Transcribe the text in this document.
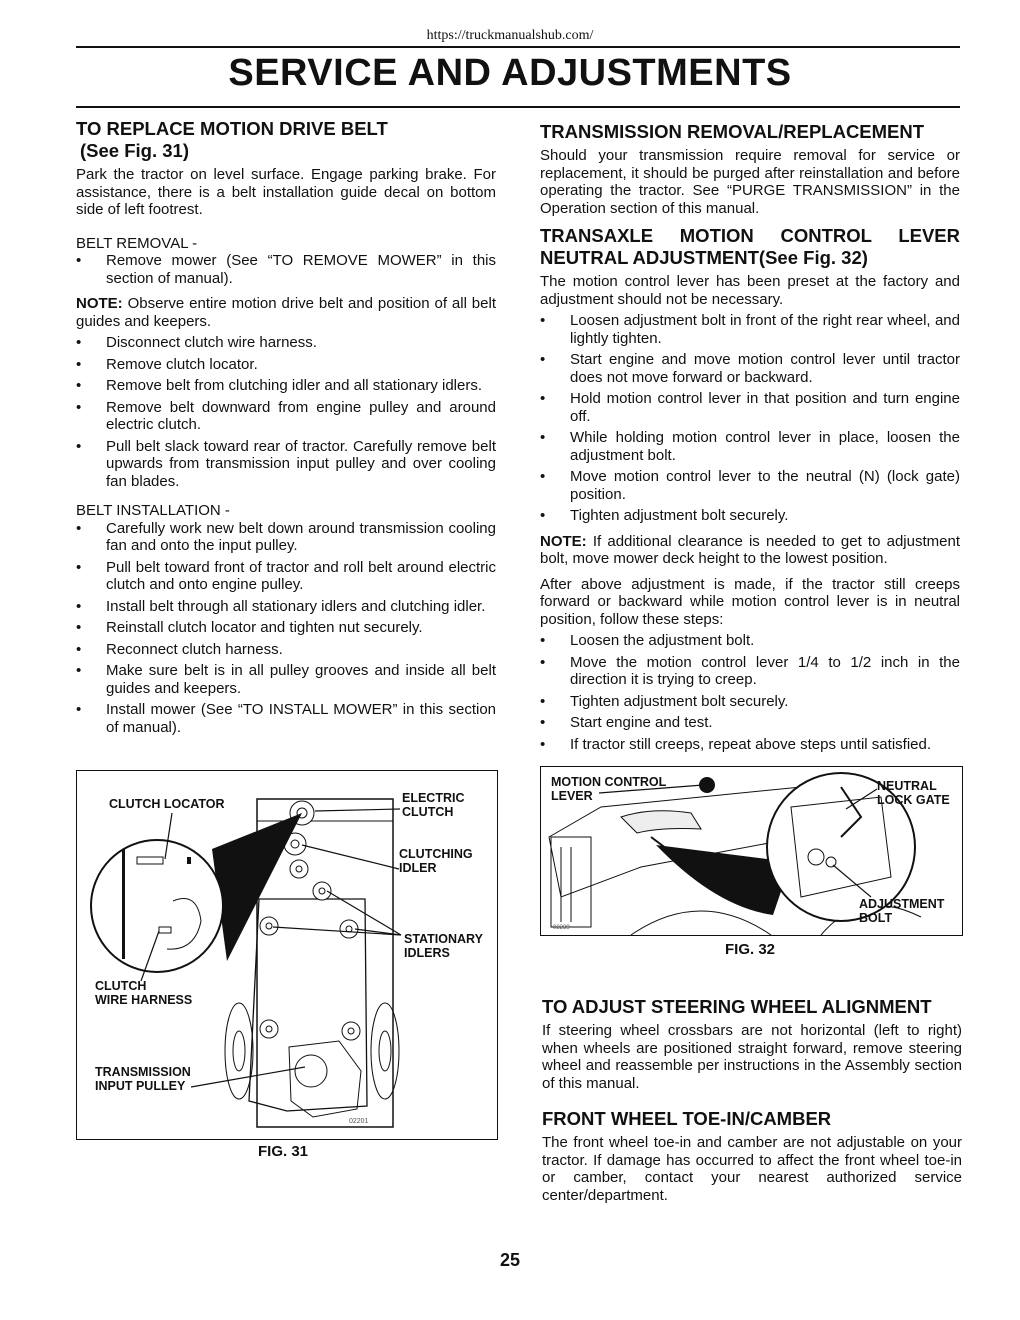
https://truckmanualshub.com/
SERVICE AND ADJUSTMENTS
TO REPLACE MOTION DRIVE BELT
(See Fig. 31)

Park the tractor on level surface. Engage parking brake. For assistance, there is a belt installation guide decal on bottom side of left footrest.

BELT REMOVAL -

• Remove mower (See “TO REMOVE MOWER” in this section of manual).

NOTE: Observe entire motion drive belt and position of all belt guides and keepers.

• Disconnect clutch wire harness.
• Remove clutch locator.
• Remove belt from clutching idler and all stationary idlers.
• Remove belt downward from engine pulley and around electric clutch.
• Pull belt slack toward rear of tractor. Carefully remove belt upwards from transmission input pulley and over cooling fan blades.

BELT INSTALLATION -

• Carefully work new belt down around transmission cooling fan and onto the input pulley.
• Pull belt toward front of tractor and roll belt around electric clutch and onto engine pulley.
• Install belt through all stationary idlers and clutching idler.
• Reinstall clutch locator and tighten nut securely.
• Reconnect clutch harness.
• Make sure belt is in all pulley grooves and inside all belt guides and keepers.
• Install mower (See “TO INSTALL MOWER” in this section of manual).
02201
CLUTCH LOCATOR	ELECTRIC
CLUTCH
CLUTCHING
IDLER
STATIONARY
IDLERS
CLUTCH
WIRE HARNESS
TRANSMISSION
INPUT PULLEY
FIG. 31
TRANSMISSION REMOVAL/REPLACEMENT

Should your transmission require removal for service or replacement, it should be purged after reinstallation and before operating the tractor. See “PURGE TRANSMISSION” in the Operation section of this manual.

TRANSAXLE MOTION CONTROL LEVER NEUTRAL ADJUSTMENT(See Fig. 32)

The motion control lever has been preset at the factory and adjustment should not be necessary.

• Loosen adjustment bolt in front of the right rear wheel, and lightly tighten.
• Start engine and move motion control lever until tractor does not move forward or backward.
• Hold motion control lever in that position and turn engine off.
• While holding motion control lever in place, loosen the adjustment bolt.
• Move motion control lever to the neutral (N) (lock gate) position.
• Tighten adjustment bolt securely.

NOTE: If additional clearance is needed to get to adjustment bolt, move mower deck height to the lowest position.

After above adjustment is made, if the tractor still creeps forward or backward while motion control lever is in neutral position, follow these steps:

• Loosen the adjustment bolt.
• Move the motion control lever 1/4 to 1/2 inch in the direction it is trying to creep.
• Tighten adjustment bolt securely.
• Start engine and test.
• If tractor still creeps, repeat above steps until satisfied.
02239
MOTION CONTROL
LEVER
NEUTRAL
LOCK GATE
ADJUSTMENT
BOLT
FIG. 32
TO ADJUST STEERING WHEEL ALIGNMENT

If steering wheel crossbars are not horizontal (left to right) when wheels are positioned straight forward, remove steering wheel and reassemble per instructions in the Assembly section of this manual.

FRONT WHEEL TOE-IN/CAMBER

The front wheel toe-in and camber are not adjustable on your tractor. If damage has occurred to affect the front wheel toe-in or camber, contact your nearest authorized service center/department.

25
